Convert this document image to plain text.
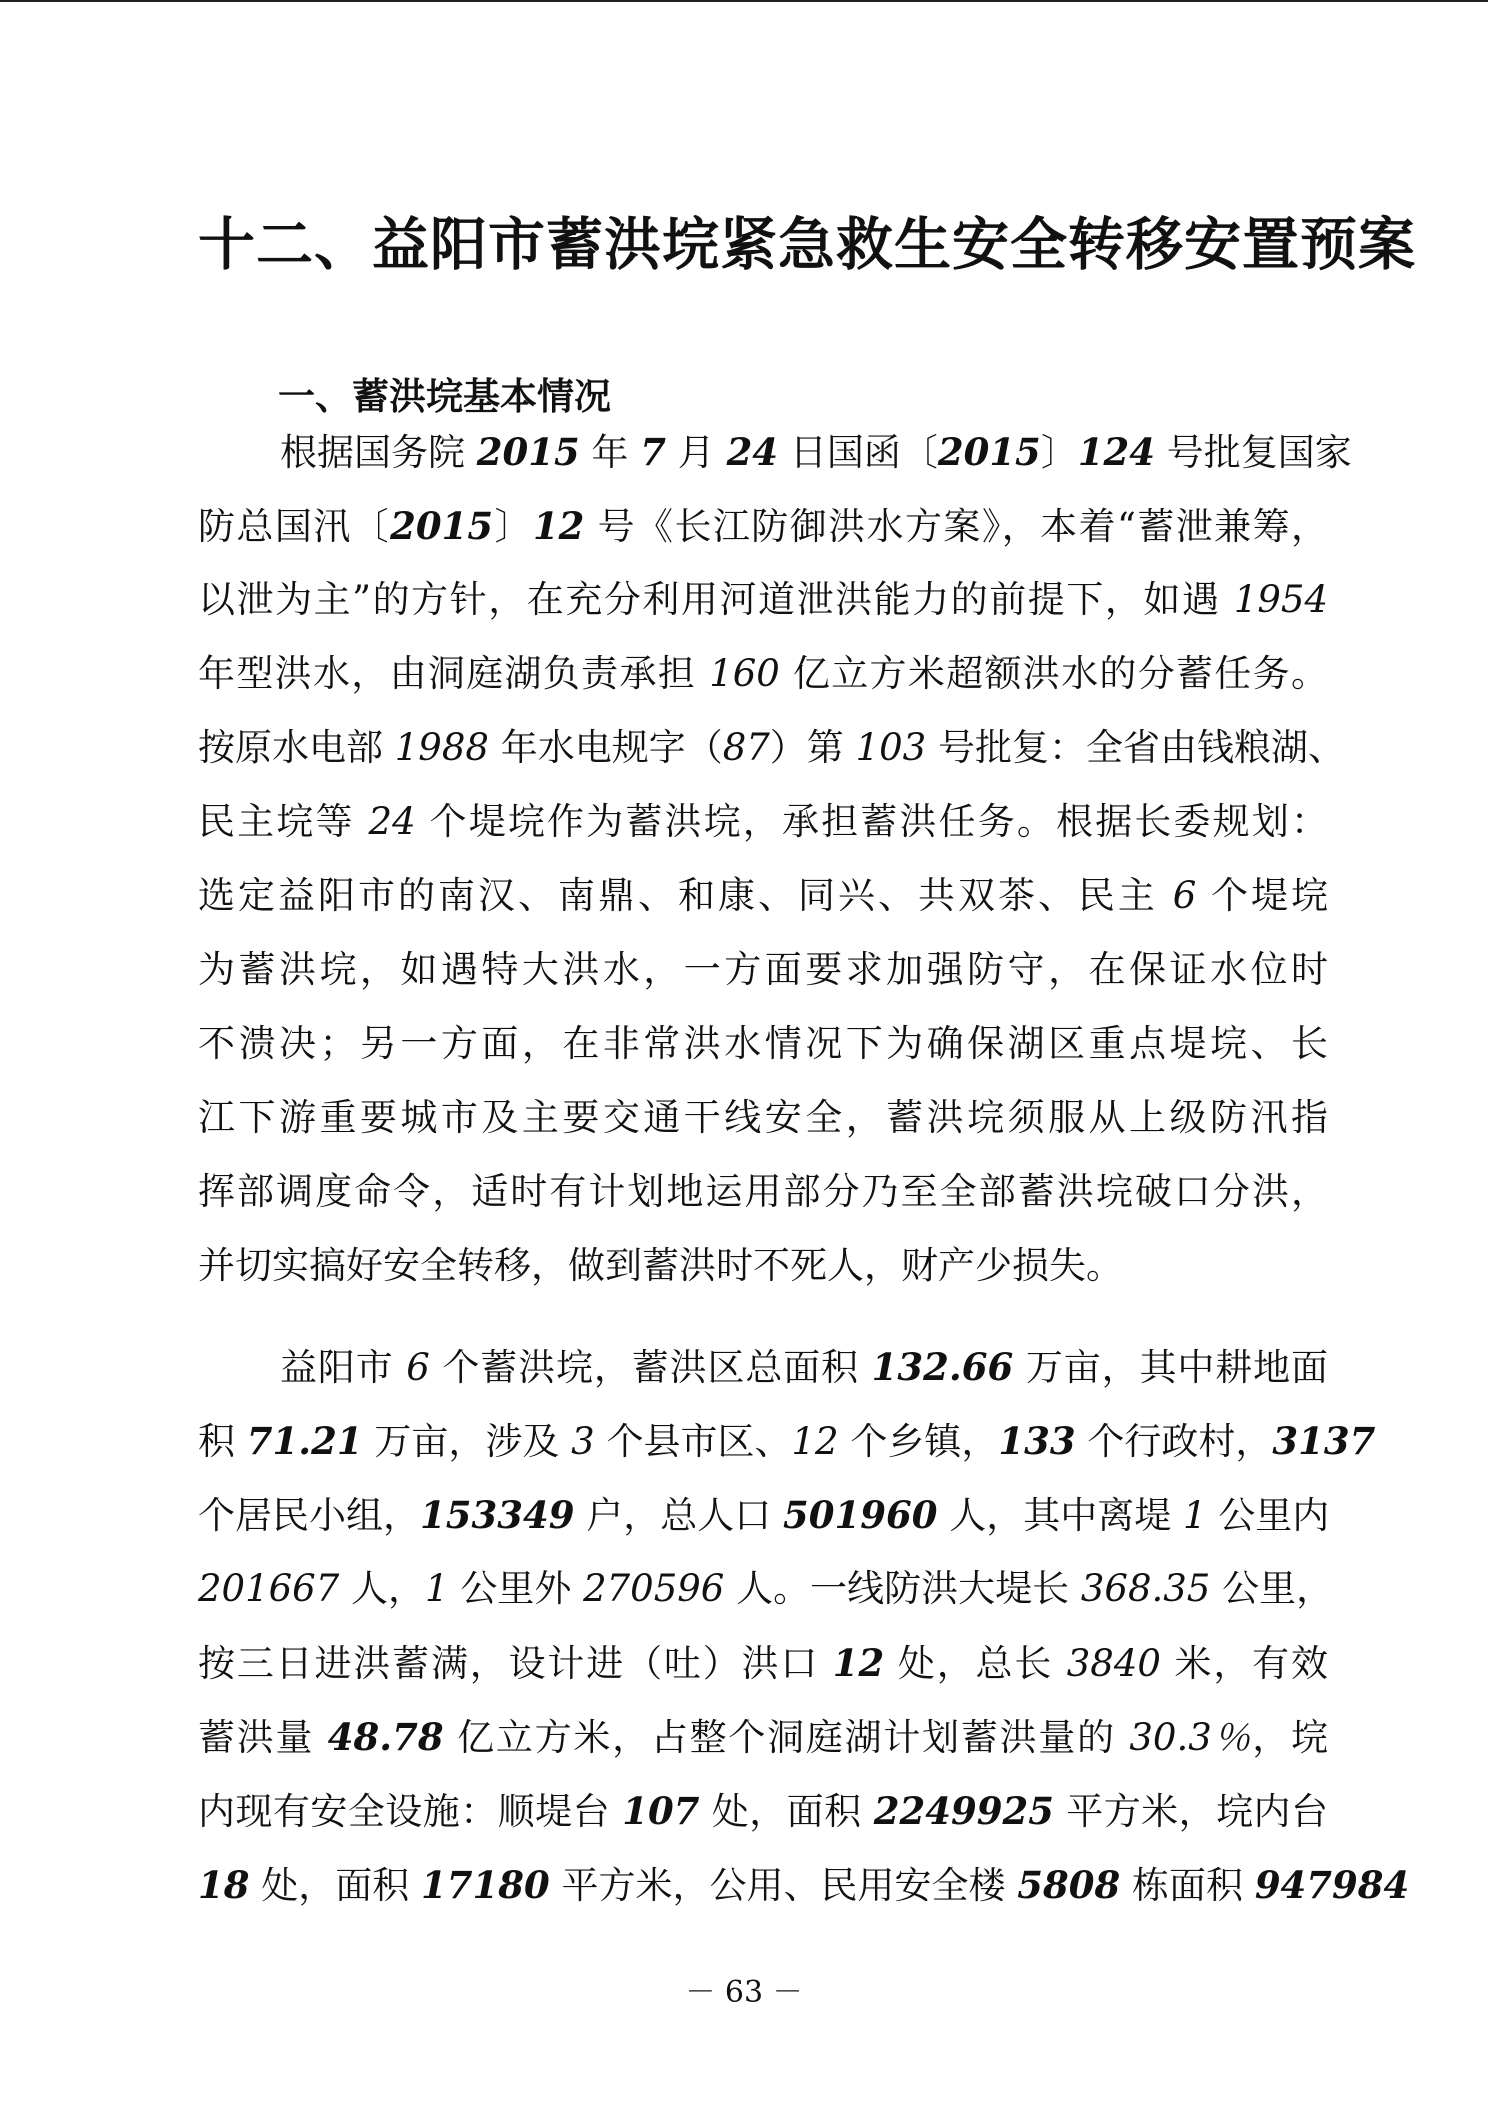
十二、益阳市蓄洪垸紧急救生安全转移安置预案
一、蓄洪垸基本情况
根据国务院 2015 年 7 月 24 日国函〔2015〕124 号批复国家
防总国汛〔2015〕12 号《长江防御洪水方案》，本着“蓄泄兼筹，
以泄为主”的方针，在充分利用河道泄洪能力的前提下，如遇 1954
年型洪水，由洞庭湖负责承担 160 亿立方米超额洪水的分蓄任务。
按原水电部 1988 年水电规字（87）第 103 号批复：全省由钱粮湖、
民主垸等 24 个堤垸作为蓄洪垸，承担蓄洪任务。根据长委规划：
选定益阳市的南汉、南鼎、和康、同兴、共双茶、民主 6 个堤垸
为蓄洪垸，如遇特大洪水，一方面要求加强防守，在保证水位时
不溃决；另一方面，在非常洪水情况下为确保湖区重点堤垸、长
江下游重要城市及主要交通干线安全，蓄洪垸须服从上级防汛指
挥部调度命令，适时有计划地运用部分乃至全部蓄洪垸破口分洪，
并切实搞好安全转移，做到蓄洪时不死人，财产少损失。
益阳市 6 个蓄洪垸，蓄洪区总面积 132.66 万亩，其中耕地面
积 71.21 万亩，涉及 3 个县市区、12 个乡镇，133 个行政村，3137
个居民小组，153349 户，总人口 501960 人，其中离堤 1 公里内
201667 人，1 公里外 270596 人。一线防洪大堤长 368.35 公里，
按三日进洪蓄满，设计进（吐）洪口 12 处，总长 3840 米，有效
蓄洪量 48.78 亿立方米，占整个洞庭湖计划蓄洪量的 30.3％，垸
内现有安全设施：顺堤台 107 处，面积 2249925 平方米，垸内台
18 处，面积 17180 平方米，公用、民用安全楼 5808 栋面积 947984
－ 63 －
